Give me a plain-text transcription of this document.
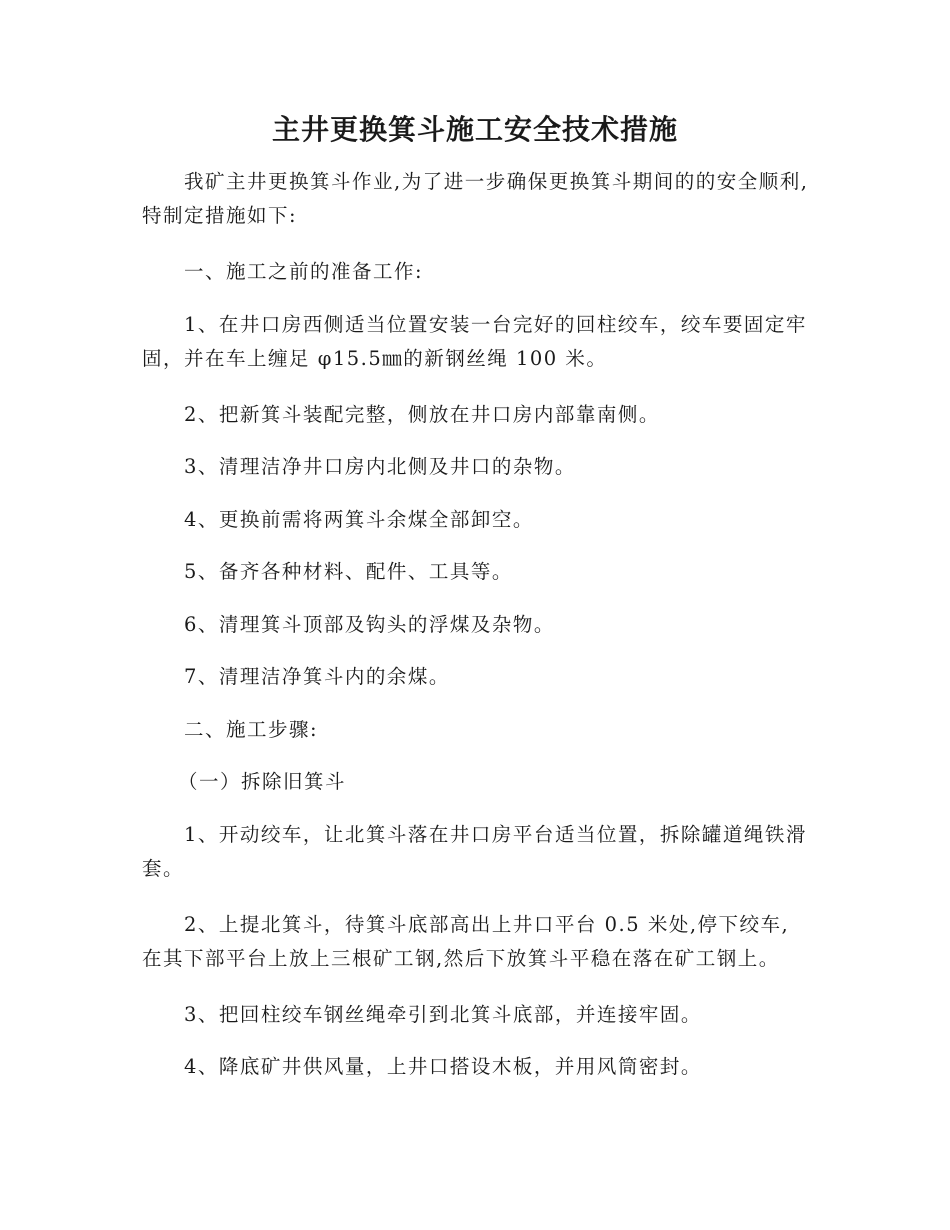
主井更换箕斗施工安全技术措施
我矿主井更换箕斗作业,为了进一步确保更换箕斗期间的的安全顺利,特制定措施如下:
一、施工之前的准备工作:
1、在井口房西侧适当位置安装一台完好的回柱绞车，绞车要固定牢固，并在车上缠足 φ15.5㎜的新钢丝绳 100 米。
2、把新箕斗装配完整，侧放在井口房内部靠南侧。
3、清理洁净井口房内北侧及井口的杂物。
4、更换前需将两箕斗余煤全部卸空。
5、备齐各种材料、配件、工具等。
6、清理箕斗顶部及钩头的浮煤及杂物。
7、清理洁净箕斗内的余煤。
二、施工步骤:
（一）拆除旧箕斗
1、开动绞车，让北箕斗落在井口房平台适当位置，拆除罐道绳铁滑套。
2、上提北箕斗，待箕斗底部高出上井口平台 0.5 米处,停下绞车,在其下部平台上放上三根矿工钢,然后下放箕斗平稳在落在矿工钢上。
3、把回柱绞车钢丝绳牵引到北箕斗底部，并连接牢固。
4、降底矿井供风量，上井口搭设木板，并用风筒密封。
